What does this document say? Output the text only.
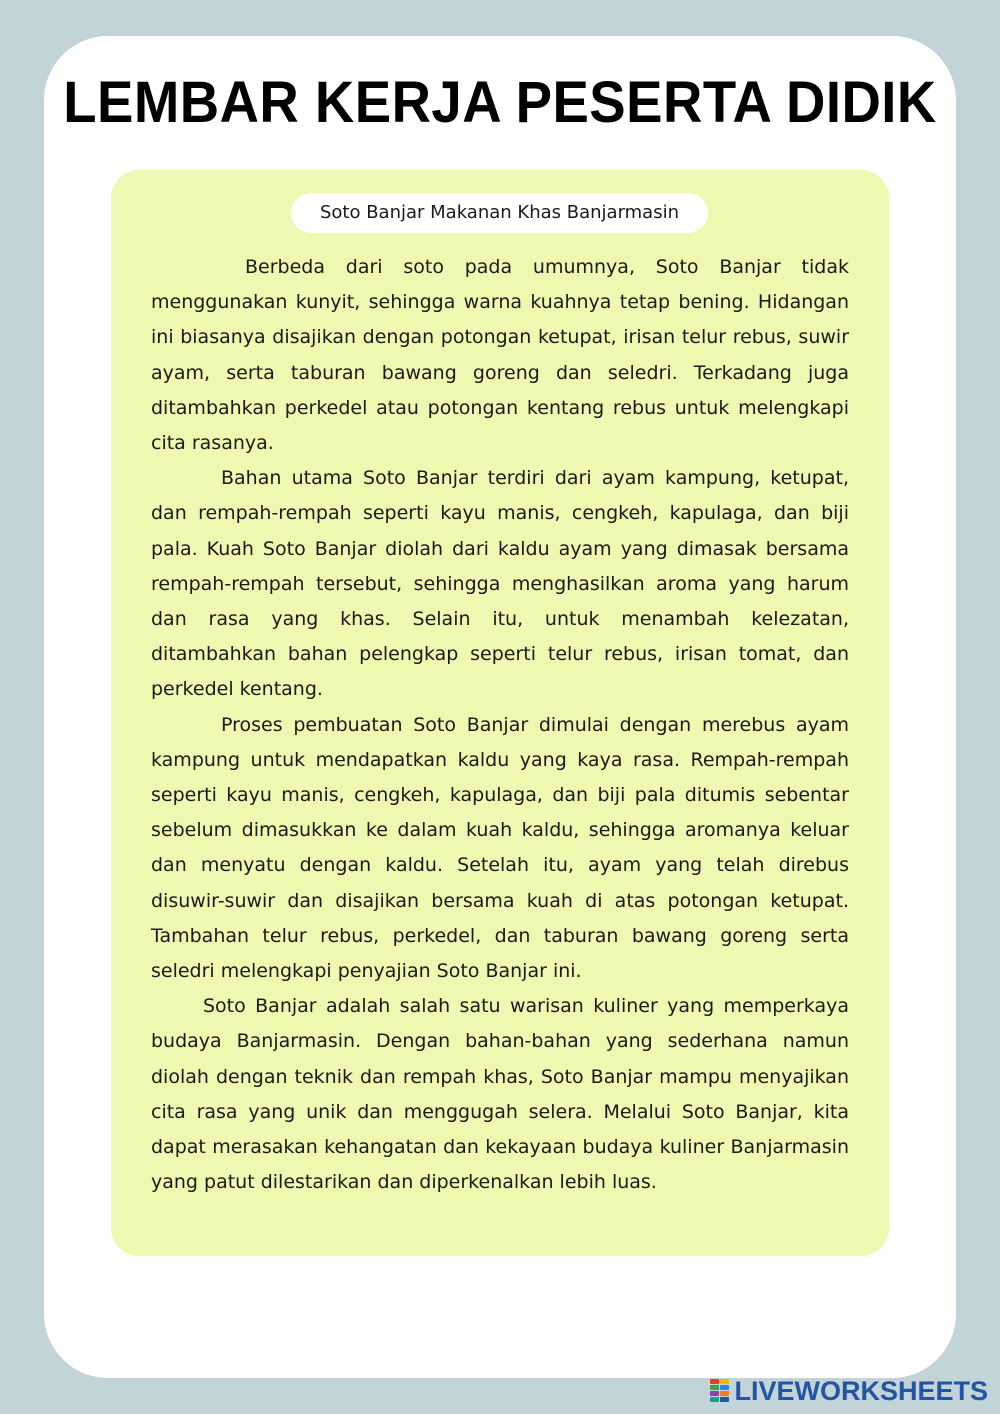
LEMBAR KERJA PESERTA DIDIK
Soto Banjar Makanan Khas Banjarmasin

Berbeda dari soto pada umumnya, Soto Banjar tidak menggunakan kunyit, sehingga warna kuahnya tetap bening. Hidangan ini biasanya disajikan dengan potongan ketupat, irisan telur rebus, suwir ayam, serta taburan bawang goreng dan seledri. Terkadang juga ditambahkan perkedel atau potongan kentang rebus untuk melengkapi cita rasanya.

Bahan utama Soto Banjar terdiri dari ayam kampung, ketupat, dan rempah-rempah seperti kayu manis, cengkeh, kapulaga, dan biji pala. Kuah Soto Banjar diolah dari kaldu ayam yang dimasak bersama rempah-rempah tersebut, sehingga menghasilkan aroma yang harum dan rasa yang khas. Selain itu, untuk menambah kelezatan, ditambahkan bahan pelengkap seperti telur rebus, irisan tomat, dan perkedel kentang.

Proses pembuatan Soto Banjar dimulai dengan merebus ayam kampung untuk mendapatkan kaldu yang kaya rasa. Rempah-rempah seperti kayu manis, cengkeh, kapulaga, dan biji pala ditumis sebentar sebelum dimasukkan ke dalam kuah kaldu, sehingga aromanya keluar dan menyatu dengan kaldu. Setelah itu, ayam yang telah direbus disuwir-suwir dan disajikan bersama kuah di atas potongan ketupat. Tambahan telur rebus, perkedel, dan taburan bawang goreng serta seledri melengkapi penyajian Soto Banjar ini.

Soto Banjar adalah salah satu warisan kuliner yang memperkaya budaya Banjarmasin. Dengan bahan-bahan yang sederhana namun diolah dengan teknik dan rempah khas, Soto Banjar mampu menyajikan cita rasa yang unik dan menggugah selera. Melalui Soto Banjar, kita dapat merasakan kehangatan dan kekayaan budaya kuliner Banjarmasin yang patut dilestarikan dan diperkenalkan lebih luas.

LIVEWORKSHEETS
